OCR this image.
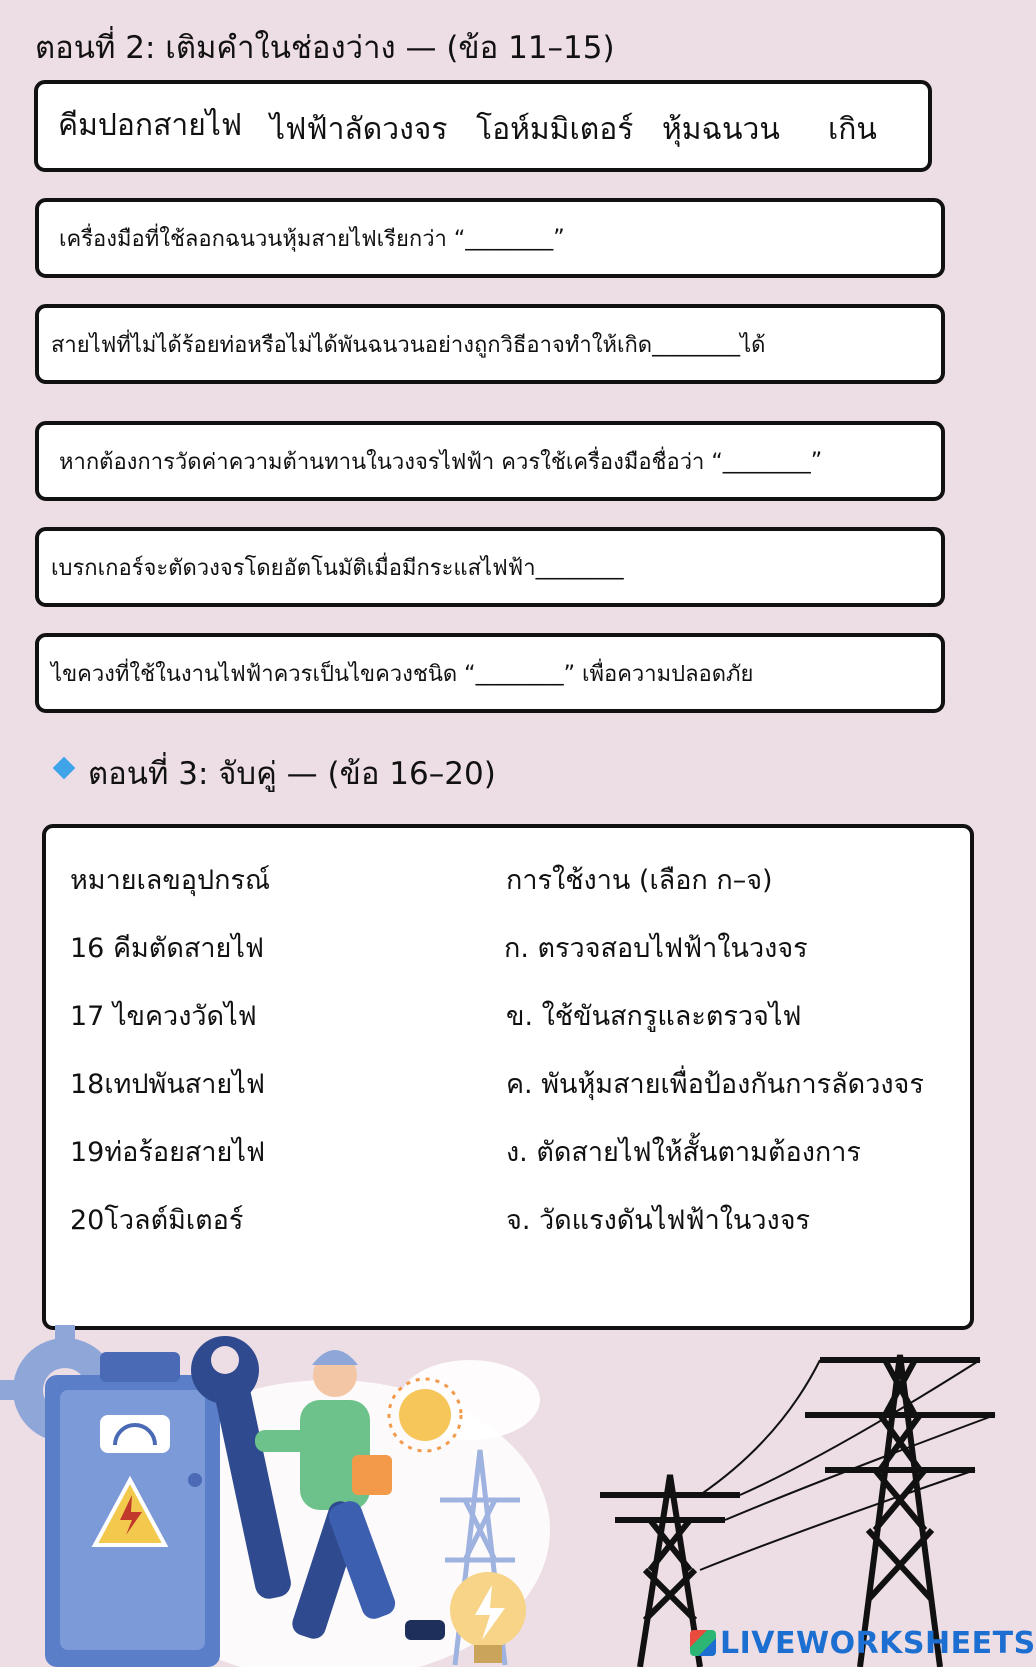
ตอนที่ 2: เติมคำในช่องว่าง — (ข้อ 11–15)
คีมปอกสายไฟ ไฟฟ้าลัดวงจร โอห์มมิเตอร์ หุ้มฉนวน เกิน
เครื่องมือที่ใช้ลอกฉนวนหุ้มสายไฟเรียกว่า “ ________ ”
สายไฟที่ไม่ได้ร้อยท่อหรือไม่ได้พันฉนวนอย่างถูกวิธีอาจทำให้เกิด ________ ได้
หากต้องการวัดค่าความต้านทานในวงจรไฟฟ้า ควรใช้เครื่องมือชื่อว่า “ ________ ”
เบรกเกอร์จะตัดวงจรโดยอัตโนมัติเมื่อมีกระแสไฟฟ้า ________
ไขควงที่ใช้ในงานไฟฟ้าควรเป็นไขควงชนิด “ ________ ” เพื่อความปลอดภัย
ตอนที่ 3: จับคู่ — (ข้อ 16–20)
หมายเลขอุปกรณ์	การใช้งาน (เลือก ก–จ)
16 คีมตัดสายไฟ
17 ไขควงวัดไฟ
18เทปพันสายไฟ
19ท่อร้อยสายไฟ
20โวลต์มิเตอร์
ก. ตรวจสอบไฟฟ้าในวงจร
ข. ใช้ขันสกรูและตรวจไฟ
ค. พันหุ้มสายเพื่อป้องกันการลัดวงจร
ง. ตัดสายไฟให้สั้นตามต้องการ
จ. วัดแรงดันไฟฟ้าในวงจร
LIVEWORKSHEETS
